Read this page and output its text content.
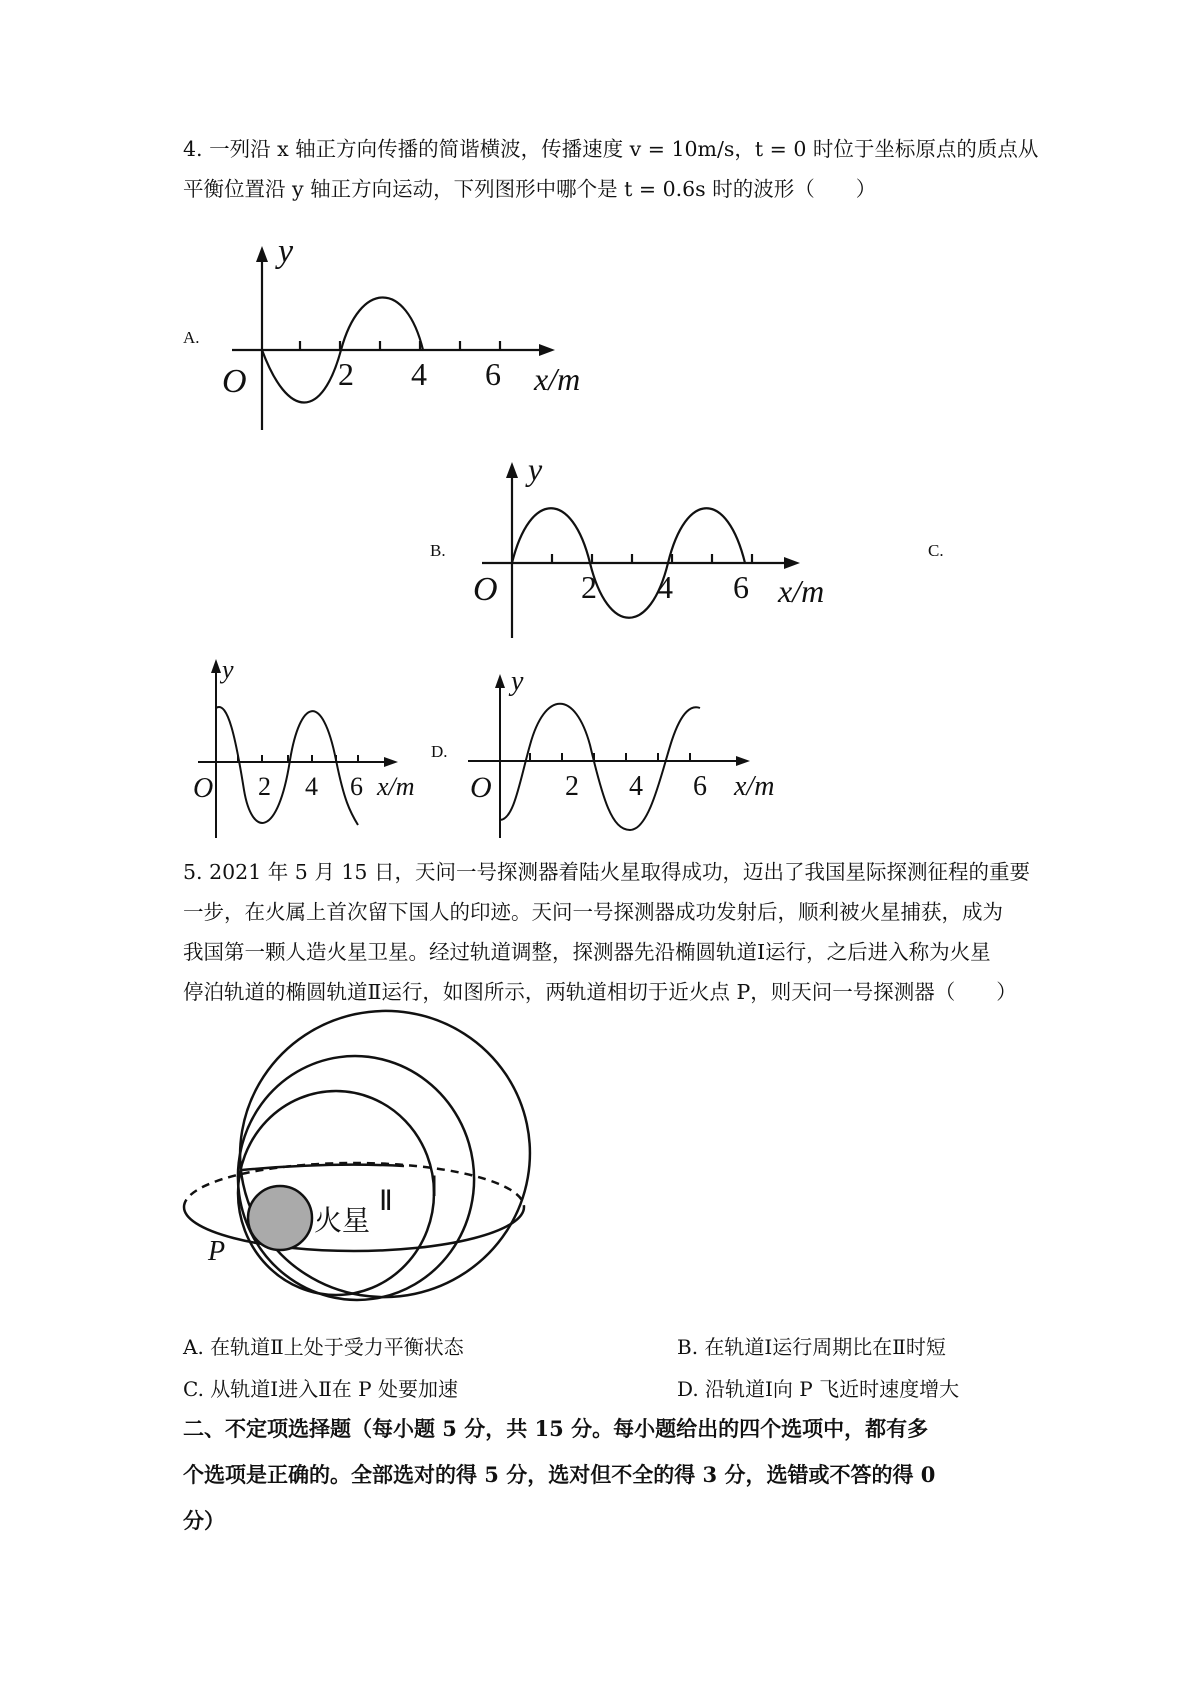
4. 一列沿 x 轴正方向传播的简谐横波，传播速度 v = 10m/s，t = 0 时位于坐标原点的质点从
平衡位置沿 y 轴正方向运动，下列图形中哪个是 t = 0.6s 时的波形（　　）
A.
B.	C.
D.
y
O	2 4 6 x/m
y
O	2 4 6 x/m
y
O 2 4 6 x/m
y
O	2 4 6 x/m
5. 2021 年 5 月 15 日，天问一号探测器着陆火星取得成功，迈出了我国星际探测征程的重要
一步，在火属上首次留下国人的印迹。天问一号探测器成功发射后，顺利被火星捕获，成为
我国第一颗人造火星卫星。经过轨道调整，探测器先沿椭圆轨道Ⅰ运行，之后进入称为火星
停泊轨道的椭圆轨道Ⅱ运行，如图所示，两轨道相切于近火点 P，则天问一号探测器（　　）
火星
Ⅱ Ⅰ
P
A. 在轨道Ⅱ上处于受力平衡状态	B. 在轨道Ⅰ运行周期比在Ⅱ时短
C. 从轨道Ⅰ进入Ⅱ在 P 处要加速	D. 沿轨道Ⅰ向 P 飞近时速度增大
二、不定项选择题（每小题 5 分，共 15 分。每小题给出的四个选项中，都有多
个选项是正确的。全部选对的得 5 分，选对但不全的得 3 分，选错或不答的得 0
分）
